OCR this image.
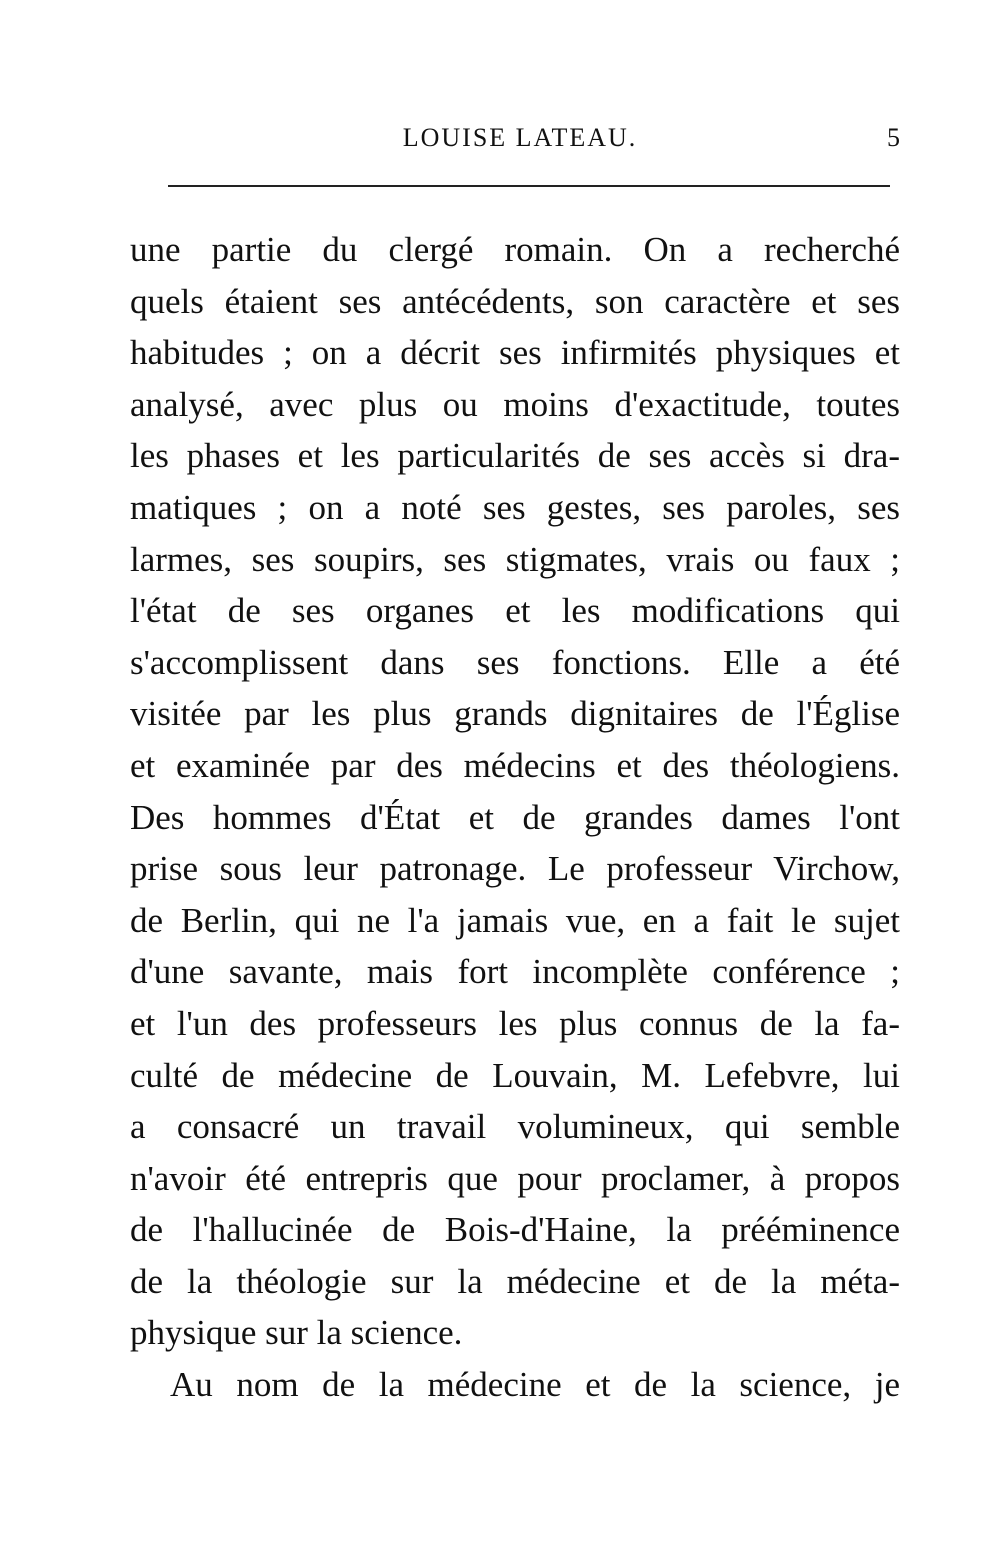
LOUISE LATEAU.	5
une partie du clergé romain. On a recherché
quels étaient ses antécédents, son caractère et ses
habitudes ; on a décrit ses infirmités physiques et
analysé, avec plus ou moins d'exactitude, toutes
les phases et les particularités de ses accès si dra-
matiques ; on a noté ses gestes, ses paroles, ses
larmes, ses soupirs, ses stigmates, vrais ou faux ;
l'état de ses organes et les modifications qui
s'accomplissent dans ses fonctions. Elle a été
visitée par les plus grands dignitaires de l'Église
et examinée par des médecins et des théologiens.
Des hommes d'État et de grandes dames l'ont
prise sous leur patronage. Le professeur Virchow,
de Berlin, qui ne l'a jamais vue, en a fait le sujet
d'une savante, mais fort incomplète conférence ;
et l'un des professeurs les plus connus de la fa-
culté de médecine de Louvain, M. Lefebvre, lui
a consacré un travail volumineux, qui semble
n'avoir été entrepris que pour proclamer, à propos
de l'hallucinée de Bois-d'Haine, la prééminence
de la théologie sur la médecine et de la méta-
physique sur la science.
Au nom de la médecine et de la science, je
